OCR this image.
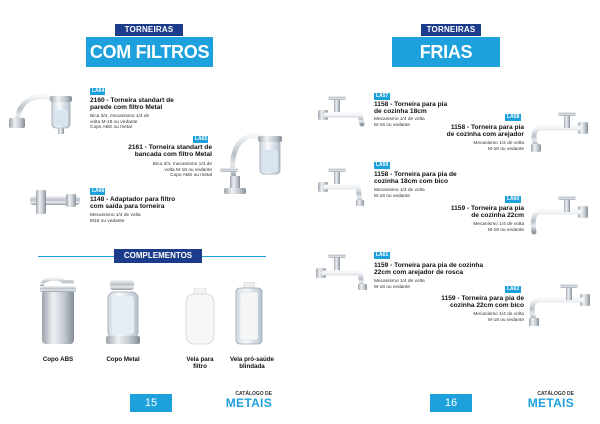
TORNEIRAS
COM FILTROS
LA64
2160 - Torneira standart de
parede com filtro Metal
Bica 3/4, mecanismo 1/4 de
volta M-18 ou vedante
Copo ABS ou metal
LA65
2161 - Torneira standart de
bancada com filtro Metal
Bica 3/4, mecanismo 1/4 de
volta M-18 ou vedante
Copo ABS ou metal
LA66
1148 - Adaptador para filtro
com saída para torneira
Mecanismo 1/4 de volta
M18 ou vedante
COMPLEMENTOS
Copo ABS	Copo Metal	Vela para
filtro
Vela pró-saúde
blindada
15
CATÁLOGO DE
METAIS
TORNEIRAS
FRIAS
LA57
1158 - Torneira para pia
de cozinha 18cm
Mecanismo 1/4 de volta
M-18 ou vedante
LA58
1158 - Torneira para pia
de cozinha com arejador
Mecanismo 1/4 de volta
M-18 ou vedante
LA59
1158 - Torneira para pia de
cozinha 18cm com bico
Mecanismo 1/4 de volta
M-18 ou vedante	LA60
1159 - Torneira para pia
de cozinha 22cm
Mecanismo 1/4 de volta
M-18 ou vedante
LA61
1159 - Torneira para pia de cozinha
22cm com arejador de rosca
Mecanismo 1/4 de volta
M-18 ou vedante	LA62
1159 - Torneira para pia de
cozinha 22cm com bico
Mecanismo 1/4 de volta
M-18 ou vedante
16
CATÁLOGO DE
METAIS
